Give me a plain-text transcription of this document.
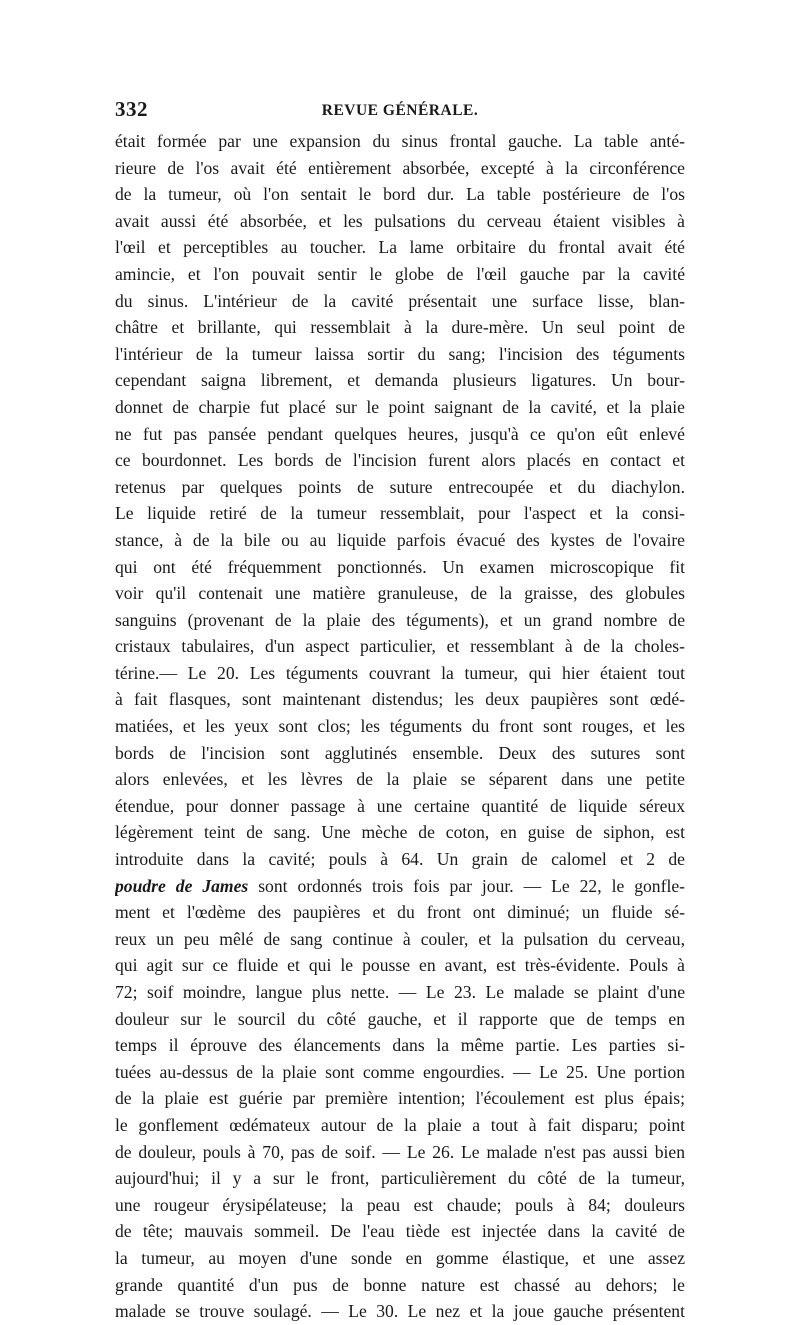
332	REVUE GÉNÉRALE.
était formée par une expansion du sinus frontal gauche. La table anté-
rieure de l'os avait été entièrement absorbée, excepté à la circonférence
de la tumeur, où l'on sentait le bord dur. La table postérieure de l'os
avait aussi été absorbée, et les pulsations du cerveau étaient visibles à
l'œil et perceptibles au toucher. La lame orbitaire du frontal avait été
amincie, et l'on pouvait sentir le globe de l'œil gauche par la cavité
du sinus. L'intérieur de la cavité présentait une surface lisse, blan-
châtre et brillante, qui ressemblait à la dure-mère. Un seul point de
l'intérieur de la tumeur laissa sortir du sang; l'incision des téguments
cependant saigna librement, et demanda plusieurs ligatures. Un bour-
donnet de charpie fut placé sur le point saignant de la cavité, et la plaie
ne fut pas pansée pendant quelques heures, jusqu'à ce qu'on eût enlevé
ce bourdonnet. Les bords de l'incision furent alors placés en contact et
retenus par quelques points de suture entrecoupée et du diachylon.
Le liquide retiré de la tumeur ressemblait, pour l'aspect et la consi-
stance, à de la bile ou au liquide parfois évacué des kystes de l'ovaire
qui ont été fréquemment ponctionnés. Un examen microscopique fit
voir qu'il contenait une matière granuleuse, de la graisse, des globules
sanguins (provenant de la plaie des téguments), et un grand nombre de
cristaux tabulaires, d'un aspect particulier, et ressemblant à de la choles-
térine.— Le 20. Les téguments couvrant la tumeur, qui hier étaient tout
à fait flasques, sont maintenant distendus; les deux paupières sont œdé-
matiées, et les yeux sont clos; les téguments du front sont rouges, et les
bords de l'incision sont agglutinés ensemble. Deux des sutures sont
alors enlevées, et les lèvres de la plaie se séparent dans une petite
étendue, pour donner passage à une certaine quantité de liquide séreux
légèrement teint de sang. Une mèche de coton, en guise de siphon, est
introduite dans la cavité; pouls à 64. Un grain de calomel et 2 de
poudre de James sont ordonnés trois fois par jour. — Le 22, le gonfle-
ment et l'œdème des paupières et du front ont diminué; un fluide sé-
reux un peu mêlé de sang continue à couler, et la pulsation du cerveau,
qui agit sur ce fluide et qui le pousse en avant, est très-évidente. Pouls à
72; soif moindre, langue plus nette. — Le 23. Le malade se plaint d'une
douleur sur le sourcil du côté gauche, et il rapporte que de temps en
temps il éprouve des élancements dans la même partie. Les parties si-
tuées au-dessus de la plaie sont comme engourdies. — Le 25. Une portion
de la plaie est guérie par première intention; l'écoulement est plus épais;
le gonflement œdémateux autour de la plaie a tout à fait disparu; point
de douleur, pouls à 70, pas de soif. — Le 26. Le malade n'est pas aussi bien
aujourd'hui; il y a sur le front, particulièrement du côté de la tumeur,
une rougeur érysipélateuse; la peau est chaude; pouls à 84; douleurs
de tête; mauvais sommeil. De l'eau tiède est injectée dans la cavité de
la tumeur, au moyen d'une sonde en gomme élastique, et une assez
grande quantité d'un pus de bonne nature est chassé au dehors; le
malade se trouve soulagé. — Le 30. Le nez et la joue gauche présentent
